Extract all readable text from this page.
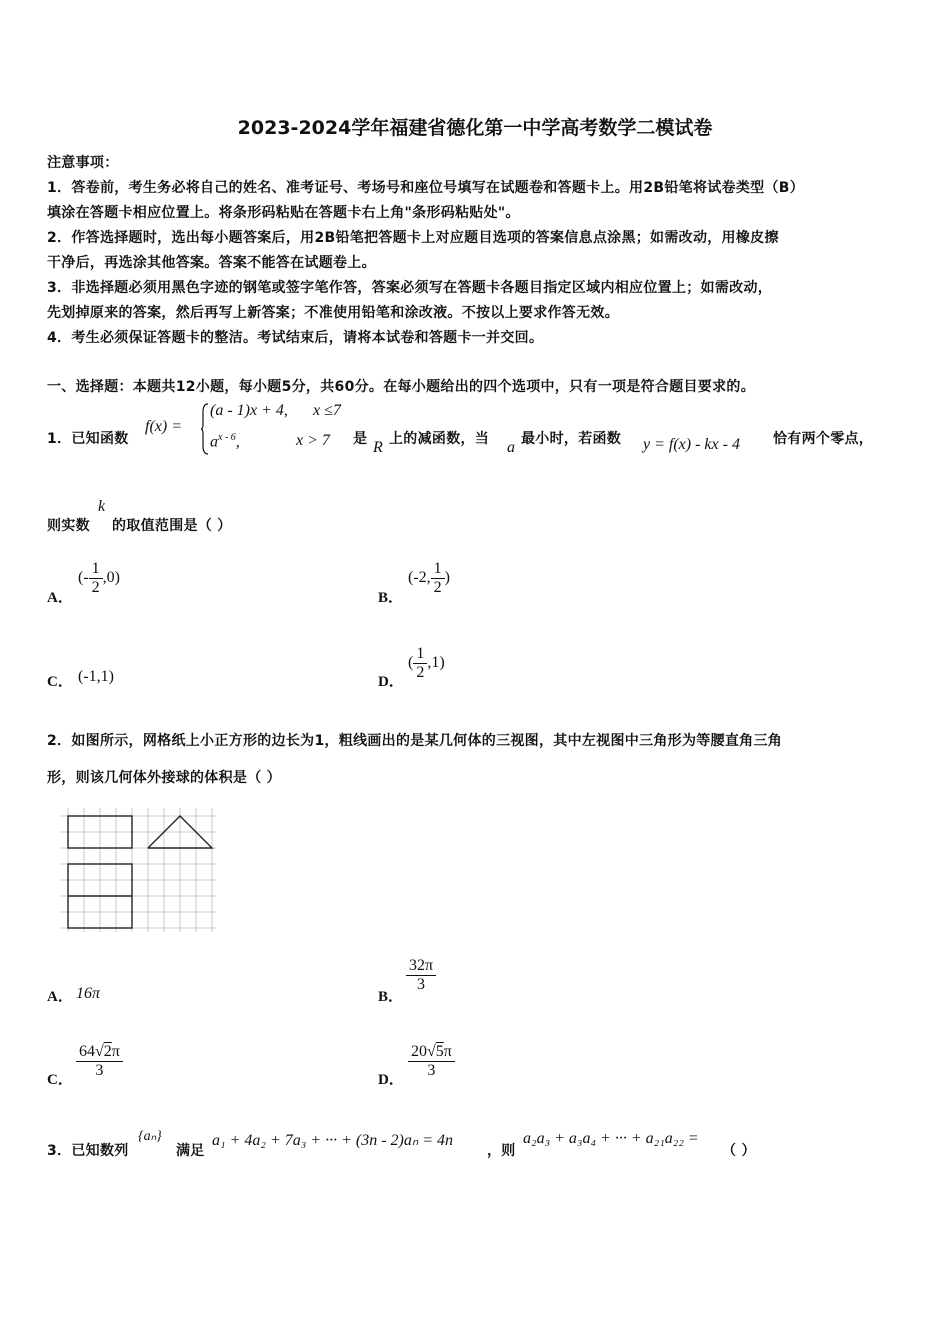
2023-2024学年福建省德化第一中学高考数学二模试卷
注意事项：
1．答卷前，考生务必将自己的姓名、准考证号、考场号和座位号填写在试题卷和答题卡上。用2B铅笔将试卷类型（B）
填涂在答题卡相应位置上。将条形码粘贴在答题卡右上角"条形码粘贴处"。
2．作答选择题时，选出每小题答案后，用2B铅笔把答题卡上对应题目选项的答案信息点涂黑；如需改动，用橡皮擦
干净后，再选涂其他答案。答案不能答在试题卷上。
3．非选择题必须用黑色字迹的钢笔或签字笔作答，答案必须写在答题卡各题目指定区域内相应位置上；如需改动，
先划掉原来的答案，然后再写上新答案；不准使用铅笔和涂改液。不按以上要求作答无效。
4．考生必须保证答题卡的整洁。考试结束后，请将本试卷和答题卡一并交回。
一、选择题：本题共12小题，每小题5分，共60分。在每小题给出的四个选项中，只有一项是符合题目要求的。
1．已知函数
f(x) =
(a - 1)x + 4, x ≤7
$a^{x - 6}$,	x > 7 是 R 上的减函数，当 a 最小时，若函数 y = f(x) - kx - 4 恰有两个零点，
则实数
k
的取值范围是（ ）
A．
(- $\frac{1}{2} ,0$)
B．
(-2, $\frac{1}{2}$ )
C． (-1,1)	D．
( $\frac{1}{2} ,1$)
2．如图所示，网格纸上小正方形的边长为1，粗线画出的是某几何体的三视图，其中左视图中三角形为等腰直角三角
形，则该几何体外接球的体积是（ ）
A． 16π	B．
$\frac{32\pi}{3}$
C．
$\frac{64√2\pi}{3}$
D．
$\frac{20√5\pi}{3}$
3．已知数列
{aₙ}
满足
a₁ + 4a₂ + 7a₃ + ··· + (3n - 2)aₙ = 4n
，则
a₂a₃ + a₃a₄ + ··· + a₂₁a₂₂ =
（ ）
